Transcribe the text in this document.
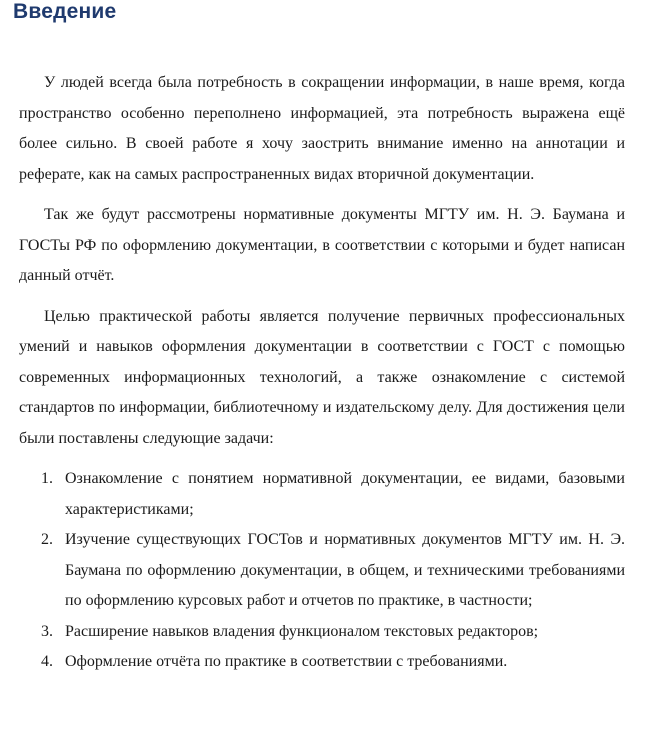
Введение

У людей всегда была потребность в сокращении информации, в наше время, когда пространство особенно переполнено информацией, эта потребность выражена ещё более сильно. В своей работе я хочу заострить внимание именно на аннотации и реферате, как на самых распространенных видах вторичной документации.

Так же будут рассмотрены нормативные документы МГТУ им. Н. Э. Баумана и ГОСТы РФ по оформлению документации, в соответствии с которыми и будет написан данный отчёт.

Целью практической работы является получение первичных профессиональных умений и навыков оформления документации в соответствии с ГОСТ с помощью современных информационных технологий, а также ознакомление с системой стандартов по информации, библиотечному и издательскому делу. Для достижения цели были поставлены следующие задачи:

1. Ознакомление с понятием нормативной документации, ее видами, базовыми характеристиками;
2. Изучение существующих ГОСТов и нормативных документов МГТУ им. Н. Э. Баумана по оформлению документации, в общем, и техническими требованиями по оформлению курсовых работ и отчетов по практике, в частности;
3. Расширение навыков владения функционалом текстовых редакторов;
4. Оформление отчёта по практике в соответствии с требованиями.
